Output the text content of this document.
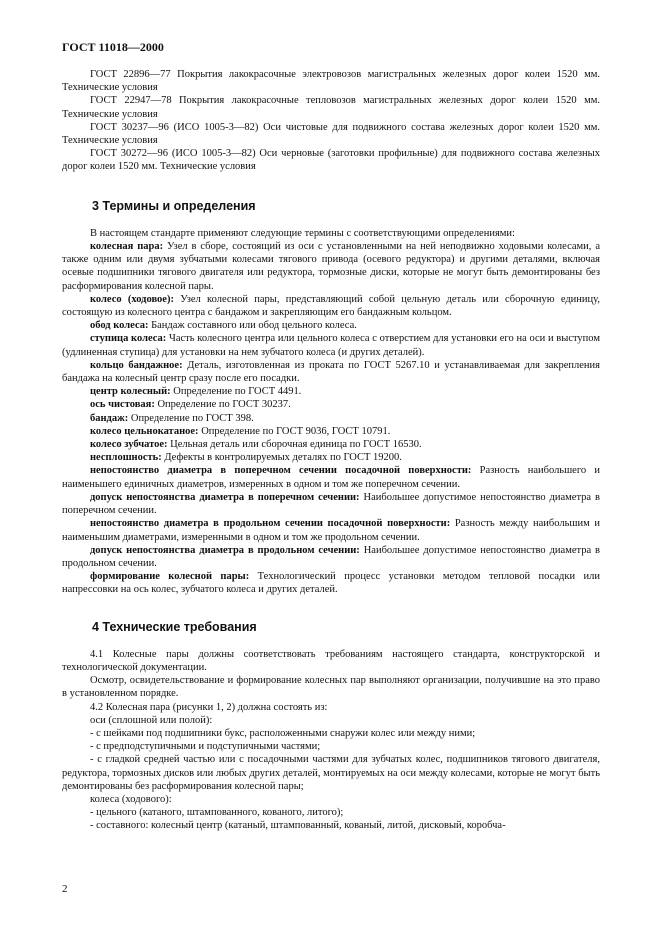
ГОСТ 11018—2000

ГОСТ 22896—77 Покрытия лакокрасочные электровозов магистральных железных дорог колеи 1520 мм. Технические условия

ГОСТ 22947—78 Покрытия лакокрасочные тепловозов магистральных железных дорог колеи 1520 мм. Технические условия

ГОСТ 30237—96 (ИСО 1005-3—82) Оси чистовые для подвижного состава железных дорог колеи 1520 мм. Технические условия

ГОСТ 30272—96 (ИСО 1005-3—82) Оси черновые (заготовки профильные) для подвижного состава железных дорог колеи 1520 мм. Технические условия

3 Термины и определения

В настоящем стандарте применяют следующие термины с соответствующими определениями:

колесная пара: Узел в сборе, состоящий из оси с установленными на ней неподвижно ходовыми колесами, а также одним или двумя зубчатыми колесами тягового привода (осевого редуктора) и другими деталями, включая осевые подшипники тягового двигателя или редуктора, тормозные диски, которые не могут быть демонтированы без расформирования колесной пары.

колесо (ходовое): Узел колесной пары, представляющий собой цельную деталь или сборочную единицу, состоящую из колесного центра с бандажом и закрепляющим его бандажным кольцом.

обод колеса: Бандаж составного или обод цельного колеса.

ступица колеса: Часть колесного центра или цельного колеса с отверстием для установки его на оси и выступом (удлиненная ступица) для установки на нем зубчатого колеса (и других деталей).

кольцо бандажное: Деталь, изготовленная из проката по ГОСТ 5267.10 и устанавливаемая для закрепления бандажа на колесный центр сразу после его посадки.

центр колесный: Определение по ГОСТ 4491.

ось чистовая: Определение по ГОСТ 30237.

бандаж: Определение по ГОСТ 398.

колесо цельнокатаное: Определение по ГОСТ 9036, ГОСТ 10791.

колесо зубчатое: Цельная деталь или сборочная единица по ГОСТ 16530.

несплошность: Дефекты в контролируемых деталях по ГОСТ 19200.

непостоянство диаметра в поперечном сечении посадочной поверхности: Разность наибольшего и наименьшего единичных диаметров, измеренных в одном и том же поперечном сечении.

допуск непостоянства диаметра в поперечном сечении: Наибольшее допустимое непостоянство диаметра в поперечном сечении.

непостоянство диаметра в продольном сечении посадочной поверхности: Разность между наибольшим и наименьшим диаметрами, измеренными в одном и том же продольном сечении.

допуск непостоянства диаметра в продольном сечении: Наибольшее допустимое непостоянство диаметра в продольном сечении.

формирование колесной пары: Технологический процесс установки методом тепловой посадки или напрессовки на ось колес, зубчатого колеса и других деталей.

4 Технические требования

4.1 Колесные пары должны соответствовать требованиям настоящего стандарта, конструкторской и технологической документации.

Осмотр, освидетельствование и формирование колесных пар выполняют организации, получившие на это право в установленном порядке.

4.2 Колесная пара (рисунки 1, 2) должна состоять из:

оси (сплошной или полой):

- с шейками под подшипники букс, расположенными снаружи колес или между ними;

- с предподступичными и подступичными частями;

- с гладкой средней частью или с посадочными частями для зубчатых колес, подшипников тягового двигателя, редуктора, тормозных дисков или любых других деталей, монтируемых на оси между колесами, которые не могут быть демонтированы без расформирования колесной пары;

колеса (ходового):

- цельного (катаного, штампованного, кованого, литого);

- составного: колесный центр (катаный, штампованный, кованый, литой, дисковый, коробча-

2
